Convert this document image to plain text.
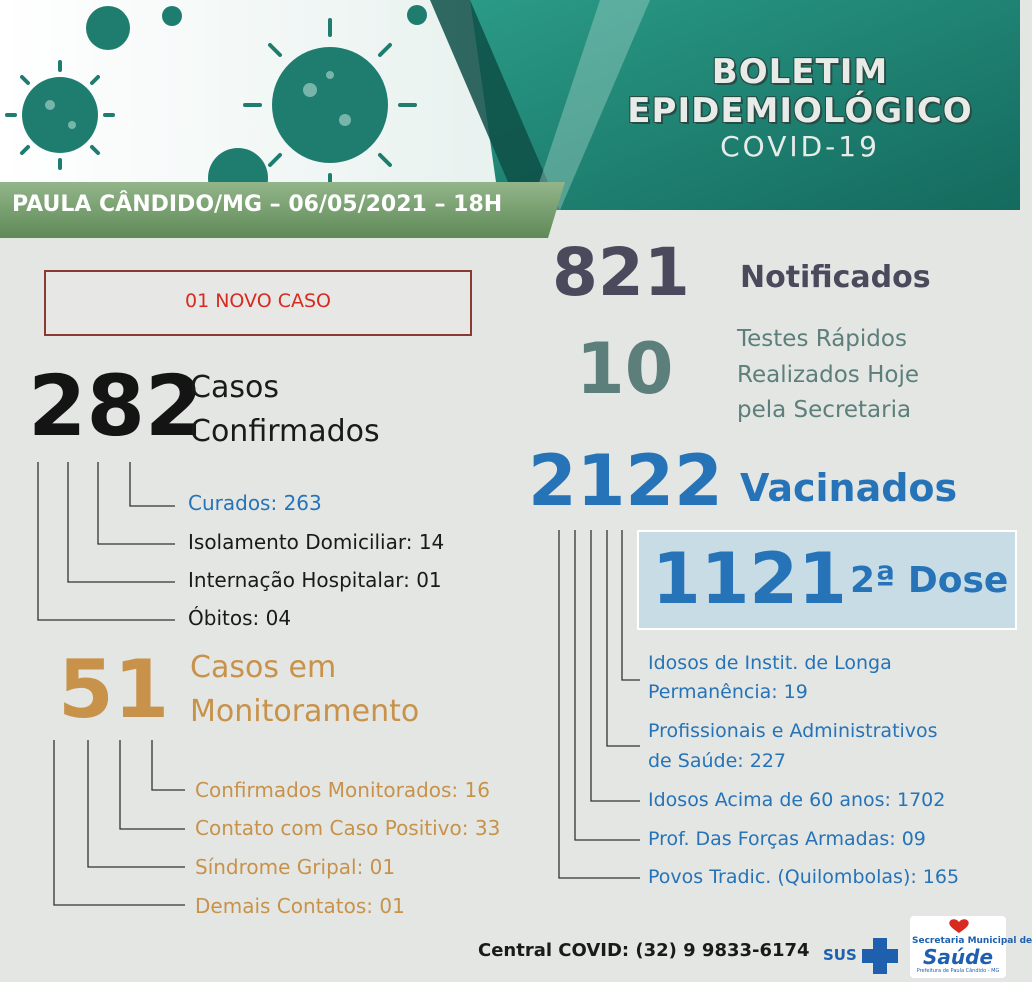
BOLETIM
EPIDEMIOLÓGICO
COVID-19
PAULA CÂNDIDO/MG – 06/05/2021 – 18H
01 NOVO CASO
282
Casos
Confirmados
Curados: 263
Isolamento Domiciliar: 14
Internação Hospitalar: 01
Óbitos: 04
51 Casos em
Monitoramento
Confirmados Monitorados: 16
Contato com Caso Positivo: 33
Síndrome Gripal: 01
Demais Contatos: 01
821 Notificados
10	Testes Rápidos
Realizados Hoje
pela Secretaria
2122 Vacinados
1121 2ª Dose
Idosos de Instit. de Longa
Permanência: 19
Profissionais e Administrativos
de Saúde: 227
Idosos Acima de 60 anos: 1702
Prof. Das Forças Armadas: 09
Povos Tradic. (Quilombolas): 165
Central COVID: (32) 9 9833-6174 SUS
Secretaria Municipal de
Saúde
Prefeitura de Paula Cândido - MG
